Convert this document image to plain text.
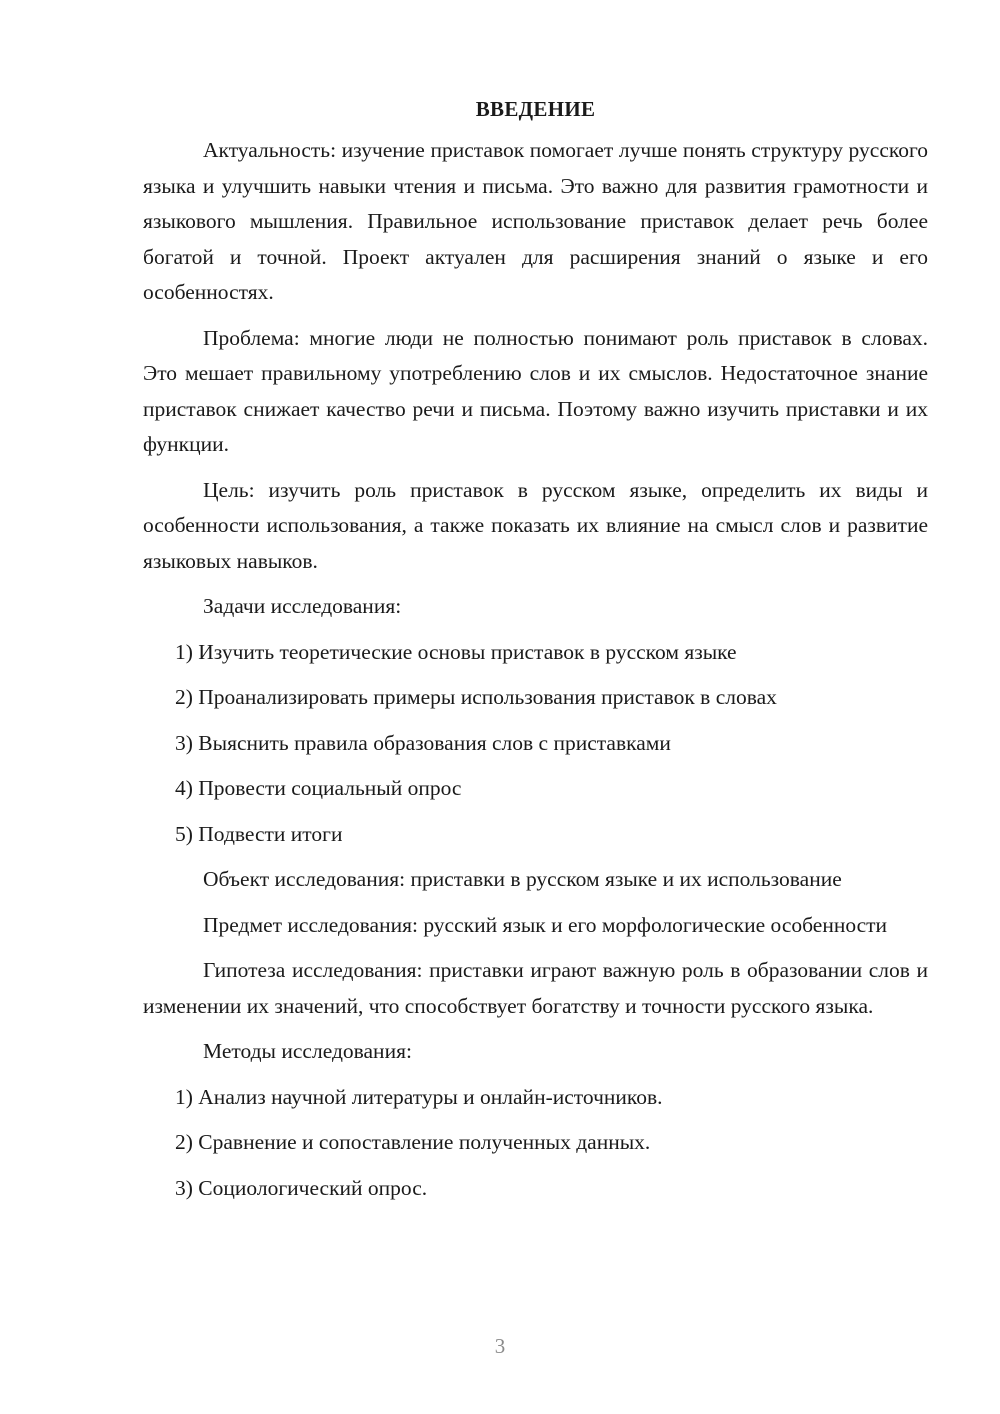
ВВЕДЕНИЕ

Актуальность: изучение приставок помогает лучше понять структуру русского языка и улучшить навыки чтения и письма. Это важно для развития грамотности и языкового мышления. Правильное использование приставок делает речь более богатой и точной. Проект актуален для расширения знаний о языке и его особенностях.

Проблема: многие люди не полностью понимают роль приставок в словах. Это мешает правильному употреблению слов и их смыслов. Недостаточное знание приставок снижает качество речи и письма. Поэтому важно изучить приставки и их функции.

Цель: изучить роль приставок в русском языке, определить их виды и особенности использования, а также показать их влияние на смысл слов и развитие языковых навыков.

Задачи исследования:

1) Изучить теоретические основы приставок в русском языке
2) Проанализировать примеры использования приставок в словах
3) Выяснить правила образования слов с приставками
4) Провести социальный опрос
5) Подвести итоги

Объект исследования: приставки в русском языке и их использование

Предмет исследования: русский язык и его морфологические особенности

Гипотеза исследования: приставки играют важную роль в образовании слов и изменении их значений, что способствует богатству и точности русского языка.

Методы исследования:

1) Анализ научной литературы и онлайн-источников.
2) Сравнение и сопоставление полученных данных.
3) Социологический опрос.
3
